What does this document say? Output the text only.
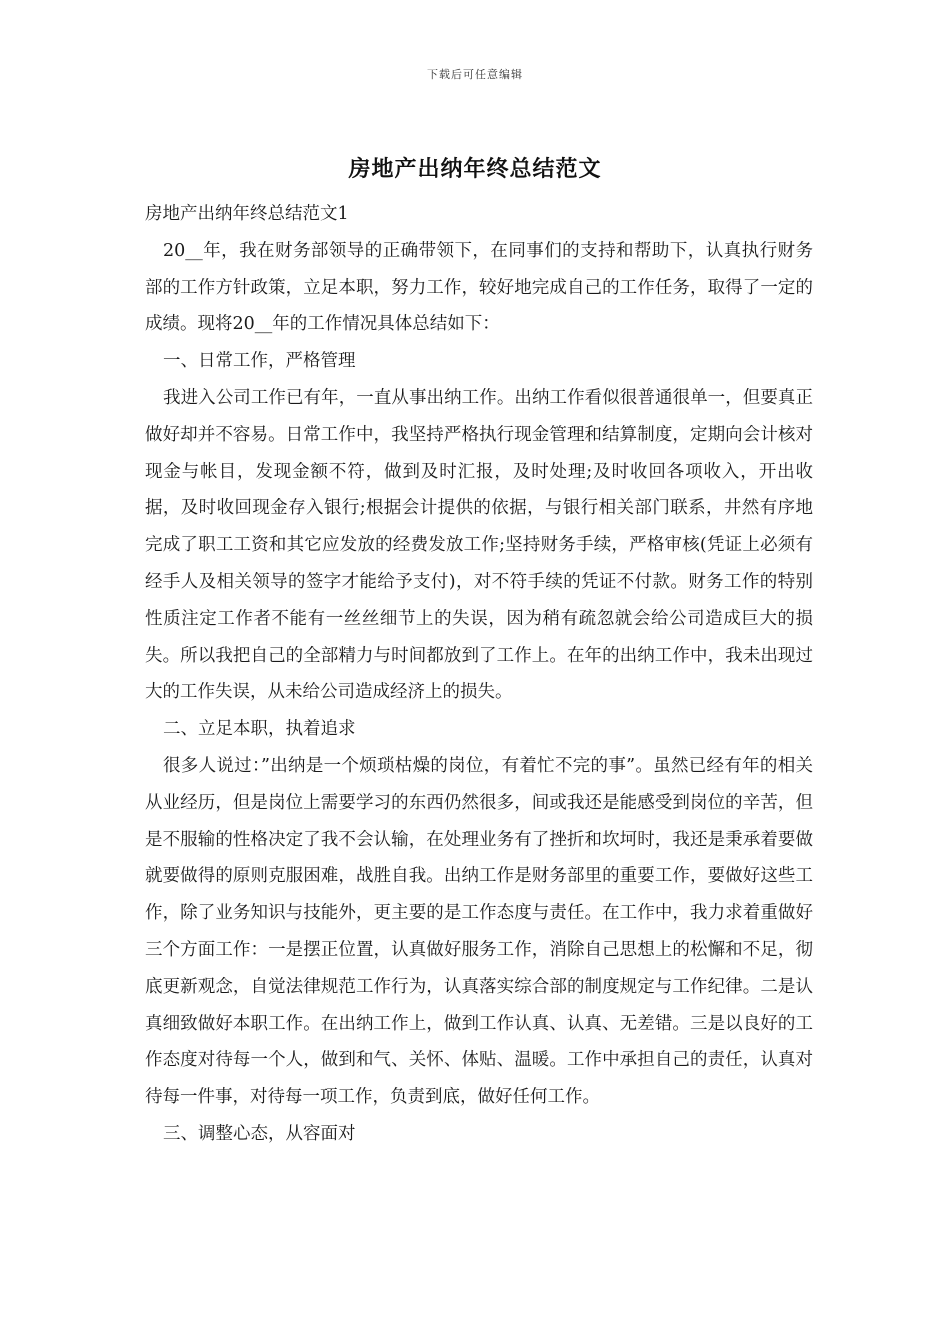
下载后可任意编辑
房地产出纳年终总结范文

房地产出纳年终总结范文1

20__年，我在财务部领导的正确带领下，在同事们的支持和帮助下，认真执行财务部的工作方针政策，立足本职，努力工作，较好地完成自己的工作任务，取得了一定的成绩。现将20__年的工作情况具体总结如下：

一、日常工作，严格管理

我进入公司工作已有年，一直从事出纳工作。出纳工作看似很普通很单一，但要真正做好却并不容易。日常工作中，我坚持严格执行现金管理和结算制度，定期向会计核对现金与帐目，发现金额不符，做到及时汇报，及时处理;及时收回各项收入，开出收据，及时收回现金存入银行;根据会计提供的依据，与银行相关部门联系，井然有序地完成了职工工资和其它应发放的经费发放工作;坚持财务手续，严格审核(凭证上必须有经手人及相关领导的签字才能给予支付)，对不符手续的凭证不付款。财务工作的特别性质注定工作者不能有一丝丝细节上的失误，因为稍有疏忽就会给公司造成巨大的损失。所以我把自己的全部精力与时间都放到了工作上。在年的出纳工作中，我未出现过大的工作失误，从未给公司造成经济上的损失。

二、立足本职，执着追求

很多人说过：”出纳是一个烦琐枯燥的岗位，有着忙不完的事”。虽然已经有年的相关从业经历，但是岗位上需要学习的东西仍然很多，间或我还是能感受到岗位的辛苦，但是不服输的性格决定了我不会认输，在处理业务有了挫折和坎坷时，我还是秉承着要做就要做得的原则克服困难，战胜自我。出纳工作是财务部里的重要工作，要做好这些工作，除了业务知识与技能外，更主要的是工作态度与责任。在工作中，我力求着重做好三个方面工作：一是摆正位置，认真做好服务工作，消除自己思想上的松懈和不足，彻底更新观念，自觉法律规范工作行为，认真落实综合部的制度规定与工作纪律。二是认真细致做好本职工作。在出纳工作上，做到工作认真、认真、无差错。三是以良好的工作态度对待每一个人，做到和气、关怀、体贴、温暖。工作中承担自己的责任，认真对待每一件事，对待每一项工作，负责到底，做好任何工作。

三、调整心态，从容面对
